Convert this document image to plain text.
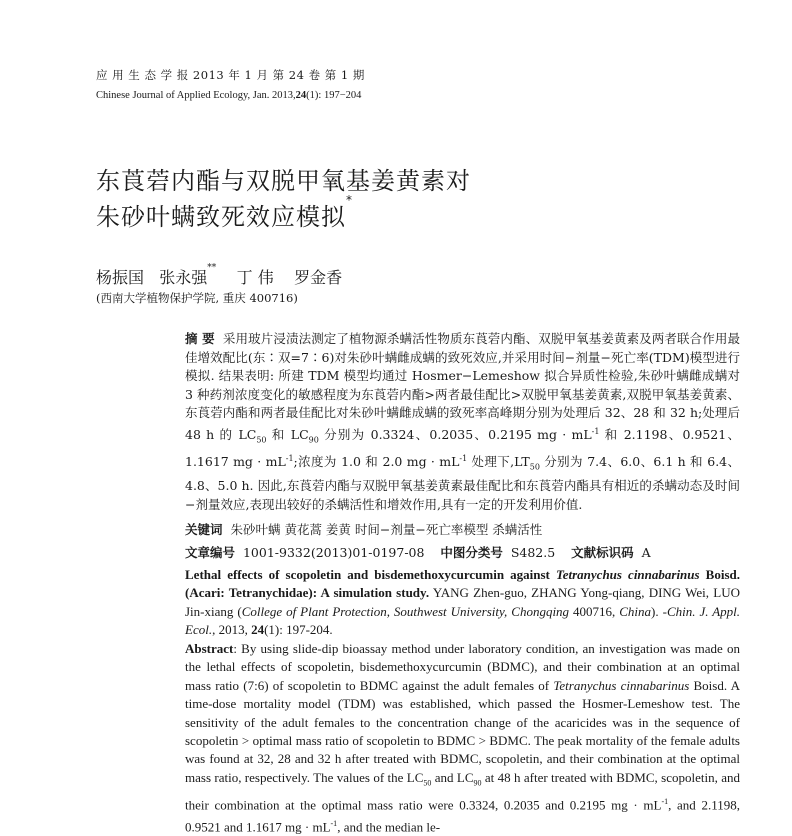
应 用 生 态 学 报 2013 年 1 月 第 24 卷 第 1 期
Chinese Journal of Applied Ecology, Jan. 2013,24(1): 197−204
东莨菪内酯与双脱甲氧基姜黄素对
朱砂叶螨致死效应模拟*
杨振国 张永强** 丁 伟 罗金香
(西南大学植物保护学院, 重庆 400716)
摘 要 采用玻片浸渍法测定了植物源杀螨活性物质东莨菪内酯、双脱甲氧基姜黄素及两者联合作用最佳增效配比(东∶双=7∶6)对朱砂叶螨雌成螨的致死效应,并采用时间−剂量−死亡率(TDM)模型进行模拟. 结果表明: 所建 TDM 模型均通过 Hosmer−Lemeshow 拟合异质性检验,朱砂叶螨雌成螨对 3 种药剂浓度变化的敏感程度为东莨菪内酯>两者最佳配比>双脱甲氧基姜黄素,双脱甲氧基姜黄素、东莨菪内酯和两者最佳配比对朱砂叶螨雌成螨的致死率高峰期分别为处理后 32、28 和 32 h;处理后 48 h 的 $LC_{50}$ 和 $LC_{90}$ 分别为 0.3324、0.2035、0.2195 mg · $mL^{-1}$ 和 2.1198、0.9521、1.1617 mg · $mL^{-1}$;浓度为 1.0 和 2.0 mg · $mL^{-1}$ 处理下$,LT_{50}$ 分别为 7.4、6.0、6.1 h 和 6.4、4.8、5.0 h. 因此,东莨菪内酯与双脱甲氧基姜黄素最佳配比和东莨菪内酯具有相近的杀螨动态及时间−剂量效应,表现出较好的杀螨活性和增效作用,具有一定的开发利用价值.
关键词 朱砂叶螨 黄花蒿 姜黄 时间−剂量−死亡率模型 杀螨活性
文章编号 1001-9332(2013)01-0197-08 中图分类号 S482.5 文献标识码 A
Lethal effects of scopoletin and bisdemethoxycurcumin against Tetranychus cinnabarinus Boisd. (Acari: Tetranychidae): A simulation study. YANG Zhen-guo, ZHANG Yong-qiang, DING Wei, LUO Jin-xiang (College of Plant Protection, Southwest University, Chongqing 400716, China). -Chin. J. Appl. Ecol., 2013, 24(1): 197-204.
Abstract: By using slide-dip bioassay method under laboratory condition, an investigation was made on the lethal effects of scopoletin, bisdemethoxycurcumin (BDMC), and their combination at an optimal mass ratio (7:6) of scopoletin to BDMC against the adult females of Tetranychus cinnabarinus Boisd. A time-dose mortality model (TDM) was established, which passed the Hosmer-Lemeshow test. The sensitivity of the adult females to the concentration change of the acaricides was in the sequence of scopoletin > optimal mass ratio of scopoletin to BDMC > BDMC. The peak mortality of the female adults was found at 32, 28 and 32 h after treated with BDMC, scopoletin, and their combination at the optimal mass ratio, respectively. The values of the $LC_{50}$ and $LC_{90}$ at 48 h after treated with BDMC, scopoletin, and their combination at the optimal mass ratio were 0.3324, 0.2035 and 0.2195 mg · $mL^{-1}$, and 2.1198, 0.9521 and 1.1617 mg · $mL^{-1}$, and the median le-
